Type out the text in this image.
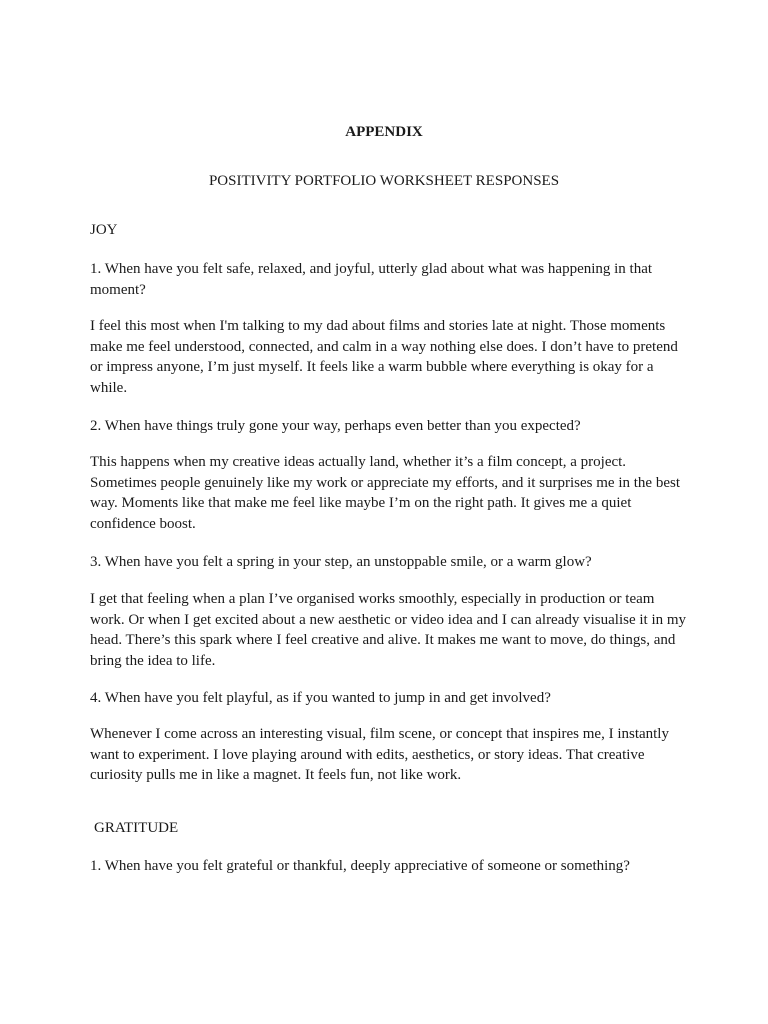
APPENDIX

POSITIVITY PORTFOLIO WORKSHEET RESPONSES

JOY

1. When have you felt safe, relaxed, and joyful, utterly glad about what was happening in that moment?

I feel this most when I'm talking to my dad about films and stories late at night. Those moments make me feel understood, connected, and calm in a way nothing else does. I don’t have to pretend or impress anyone, I’m just myself. It feels like a warm bubble where everything is okay for a while.

2. When have things truly gone your way, perhaps even better than you expected?

This happens when my creative ideas actually land, whether it’s a film concept, a project. Sometimes people genuinely like my work or appreciate my efforts, and it surprises me in the best way. Moments like that make me feel like maybe I’m on the right path. It gives me a quiet confidence boost.

3. When have you felt a spring in your step, an unstoppable smile, or a warm glow?

I get that feeling when a plan I’ve organised works smoothly, especially in production or team work. Or when I get excited about a new aesthetic or video idea and I can already visualise it in my head. There’s this spark where I feel creative and alive. It makes me want to move, do things, and bring the idea to life.

4. When have you felt playful, as if you wanted to jump in and get involved?

Whenever I come across an interesting visual, film scene, or concept that inspires me, I instantly want to experiment. I love playing around with edits, aesthetics, or story ideas. That creative curiosity pulls me in like a magnet. It feels fun, not like work.

GRATITUDE

1. When have you felt grateful or thankful, deeply appreciative of someone or something?
